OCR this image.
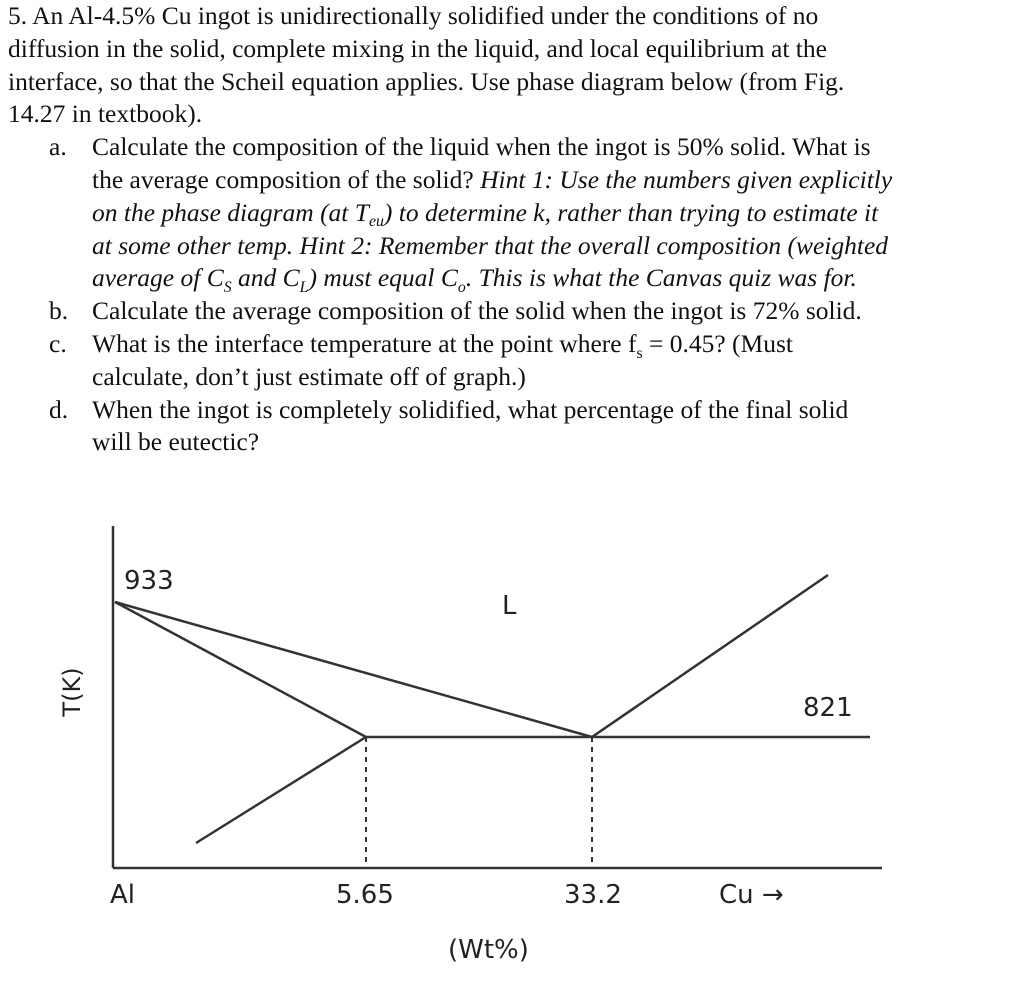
5. An Al-4.5% Cu ingot is unidirectionally solidified under the conditions of no
diffusion in the solid, complete mixing in the liquid, and local equilibrium at the
interface, so that the Scheil equation applies. Use phase diagram below (from Fig.
14.27 in textbook).
a. Calculate the composition of the liquid when the ingot is 50% solid. What is
the average composition of the solid? Hint 1: Use the numbers given explicitly
on the phase diagram (at $T_{eu}$) to determine k, rather than trying to estimate it
at some other temp. Hint 2: Remember that the overall composition (weighted
average of $C_S$ and $C_L$) must equal $C_o$. This is what the Canvas quiz was for.
b. Calculate the average composition of the solid when the ingot is 72% solid.
c. What is the interface temperature at the point where $f_s = 0.45$? (Must
calculate, don’t just estimate off of graph.)
d. When the ingot is completely solidified, what percentage of the final solid
will be eutectic?
933
L
821
T(K)
Al	5.65	33.2	Cu →
(Wt%)
